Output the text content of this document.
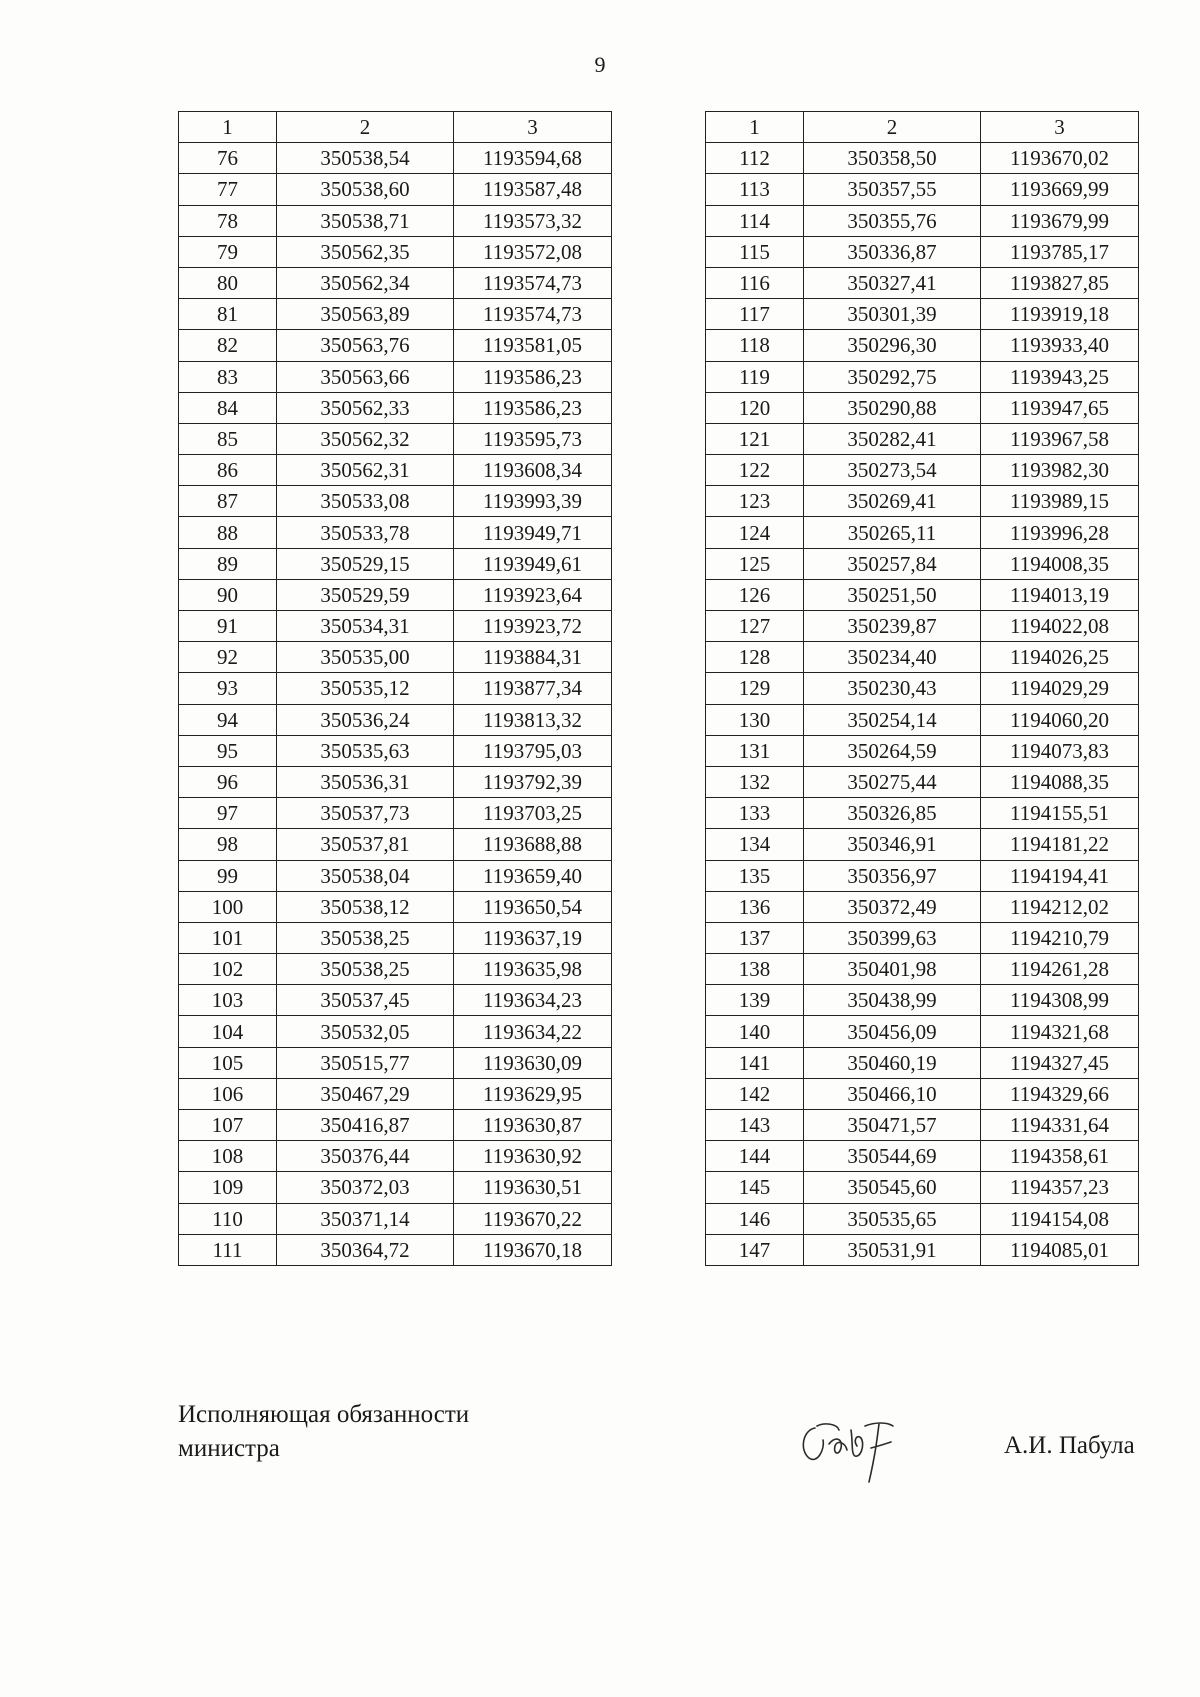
9
1	2	3
76	350538,54	1193594,68
77	350538,60	1193587,48
78	350538,71	1193573,32
79	350562,35	1193572,08
80	350562,34	1193574,73
81	350563,89	1193574,73
82	350563,76	1193581,05
83	350563,66	1193586,23
84	350562,33	1193586,23
85	350562,32	1193595,73
86	350562,31	1193608,34
87	350533,08	1193993,39
88	350533,78	1193949,71
89	350529,15	1193949,61
90	350529,59	1193923,64
91	350534,31	1193923,72
92	350535,00	1193884,31
93	350535,12	1193877,34
94	350536,24	1193813,32
95	350535,63	1193795,03
96	350536,31	1193792,39
97	350537,73	1193703,25
98	350537,81	1193688,88
99	350538,04	1193659,40
100	350538,12	1193650,54
101	350538,25	1193637,19
102	350538,25	1193635,98
103	350537,45	1193634,23
104	350532,05	1193634,22
105	350515,77	1193630,09
106	350467,29	1193629,95
107	350416,87	1193630,87
108	350376,44	1193630,92
109	350372,03	1193630,51
110	350371,14	1193670,22
111	350364,72	1193670,18
1	2	3
112	350358,50	1193670,02
113	350357,55	1193669,99
114	350355,76	1193679,99
115	350336,87	1193785,17
116	350327,41	1193827,85
117	350301,39	1193919,18
118	350296,30	1193933,40
119	350292,75	1193943,25
120	350290,88	1193947,65
121	350282,41	1193967,58
122	350273,54	1193982,30
123	350269,41	1193989,15
124	350265,11	1193996,28
125	350257,84	1194008,35
126	350251,50	1194013,19
127	350239,87	1194022,08
128	350234,40	1194026,25
129	350230,43	1194029,29
130	350254,14	1194060,20
131	350264,59	1194073,83
132	350275,44	1194088,35
133	350326,85	1194155,51
134	350346,91	1194181,22
135	350356,97	1194194,41
136	350372,49	1194212,02
137	350399,63	1194210,79
138	350401,98	1194261,28
139	350438,99	1194308,99
140	350456,09	1194321,68
141	350460,19	1194327,45
142	350466,10	1194329,66
143	350471,57	1194331,64
144	350544,69	1194358,61
145	350545,60	1194357,23
146	350535,65	1194154,08
147	350531,91	1194085,01
Исполняющая обязанности
министра	А.И. Пабула
